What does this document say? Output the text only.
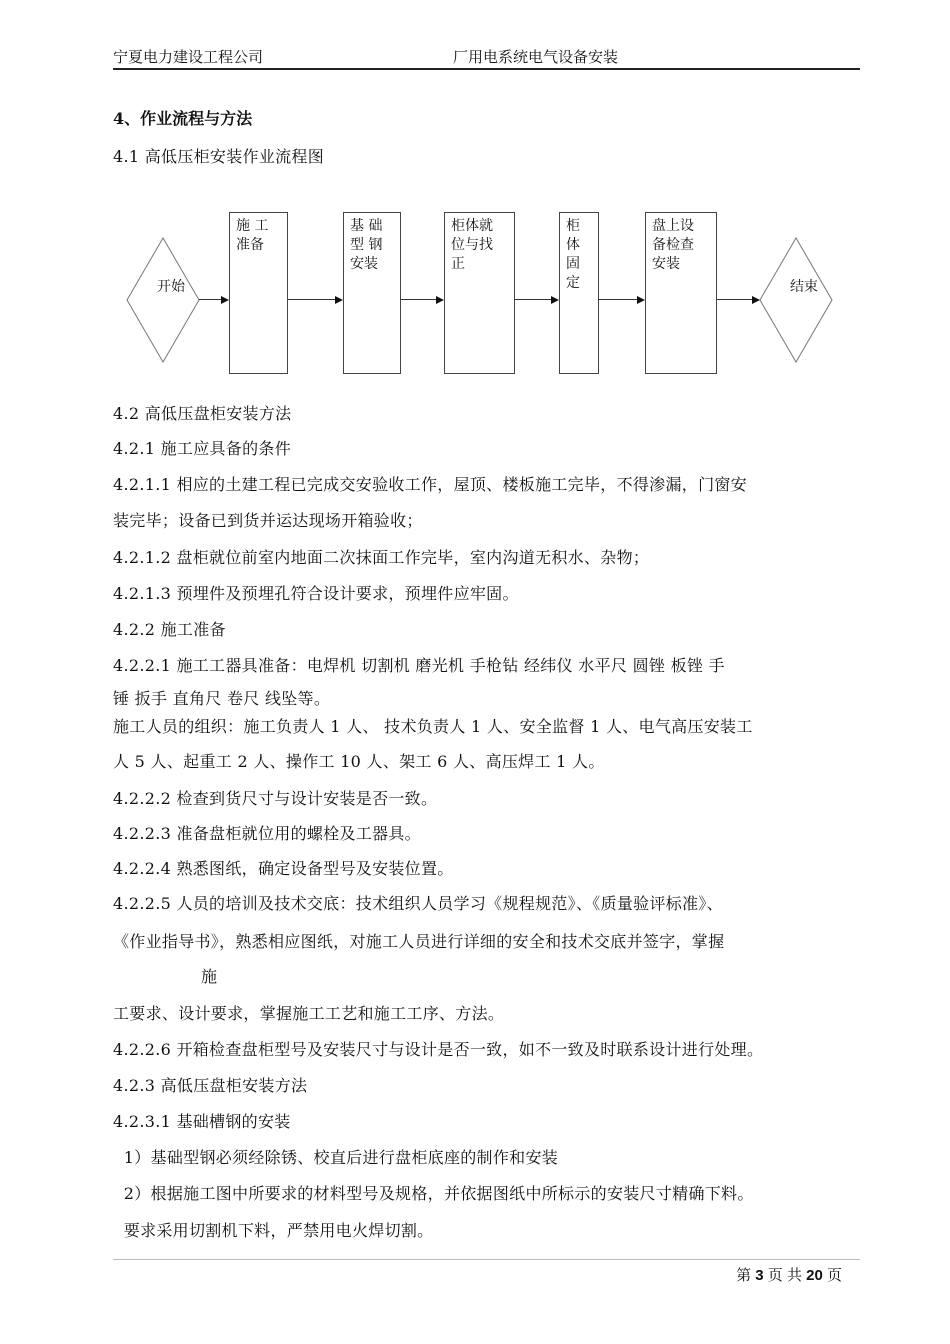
宁夏电力建设工程公司	厂用电系统电气设备安装
4、作业流程与方法
4.1 高低压柜安装作业流程图
开始	结束
施 工
准备
基 础
型 钢
安装
柜体就
位与找
正
柜
体
固
定
盘上设
备检查
安装
4.2 高低压盘柜安装方法
4.2.1 施工应具备的条件
4.2.1.1 相应的土建工程已完成交安验收工作，屋顶、楼板施工完毕，不得渗漏，门窗安
装完毕；设备已到货并运达现场开箱验收；
4.2.1.2 盘柜就位前室内地面二次抹面工作完毕，室内沟道无积水、杂物；
4.2.1.3 预埋件及预埋孔符合设计要求，预埋件应牢固。
4.2.2 施工准备
4.2.2.1 施工工器具准备：电焊机 切割机 磨光机 手枪钻 经纬仪 水平尺 圆锉 板锉 手
锤 扳手 直角尺 卷尺 线坠等。
施工人员的组织：施工负责人 1 人、 技术负责人 1 人、安全监督 1 人、电气高压安装工
人 5 人、起重工 2 人、操作工 10 人、架工 6 人、高压焊工 1 人。
4.2.2.2 检查到货尺寸与设计安装是否一致。
4.2.2.3 准备盘柜就位用的螺栓及工器具。
4.2.2.4 熟悉图纸，确定设备型号及安装位置。
4.2.2.5 人员的培训及技术交底：技术组织人员学习《规程规范》、《质量验评标准》、
《作业指导书》，熟悉相应图纸，对施工人员进行详细的安全和技术交底并签字，掌握
施
工要求、设计要求，掌握施工工艺和施工工序、方法。
4.2.2.6 开箱检查盘柜型号及安装尺寸与设计是否一致，如不一致及时联系设计进行处理。
4.2.3 高低压盘柜安装方法
4.2.3.1 基础槽钢的安装
1）基础型钢必须经除锈、校直后进行盘柜底座的制作和安装
2）根据施工图中所要求的材料型号及规格，并依据图纸中所标示的安装尺寸精确下料。
要求采用切割机下料，严禁用电火焊切割。
第 3 页 共 20 页
